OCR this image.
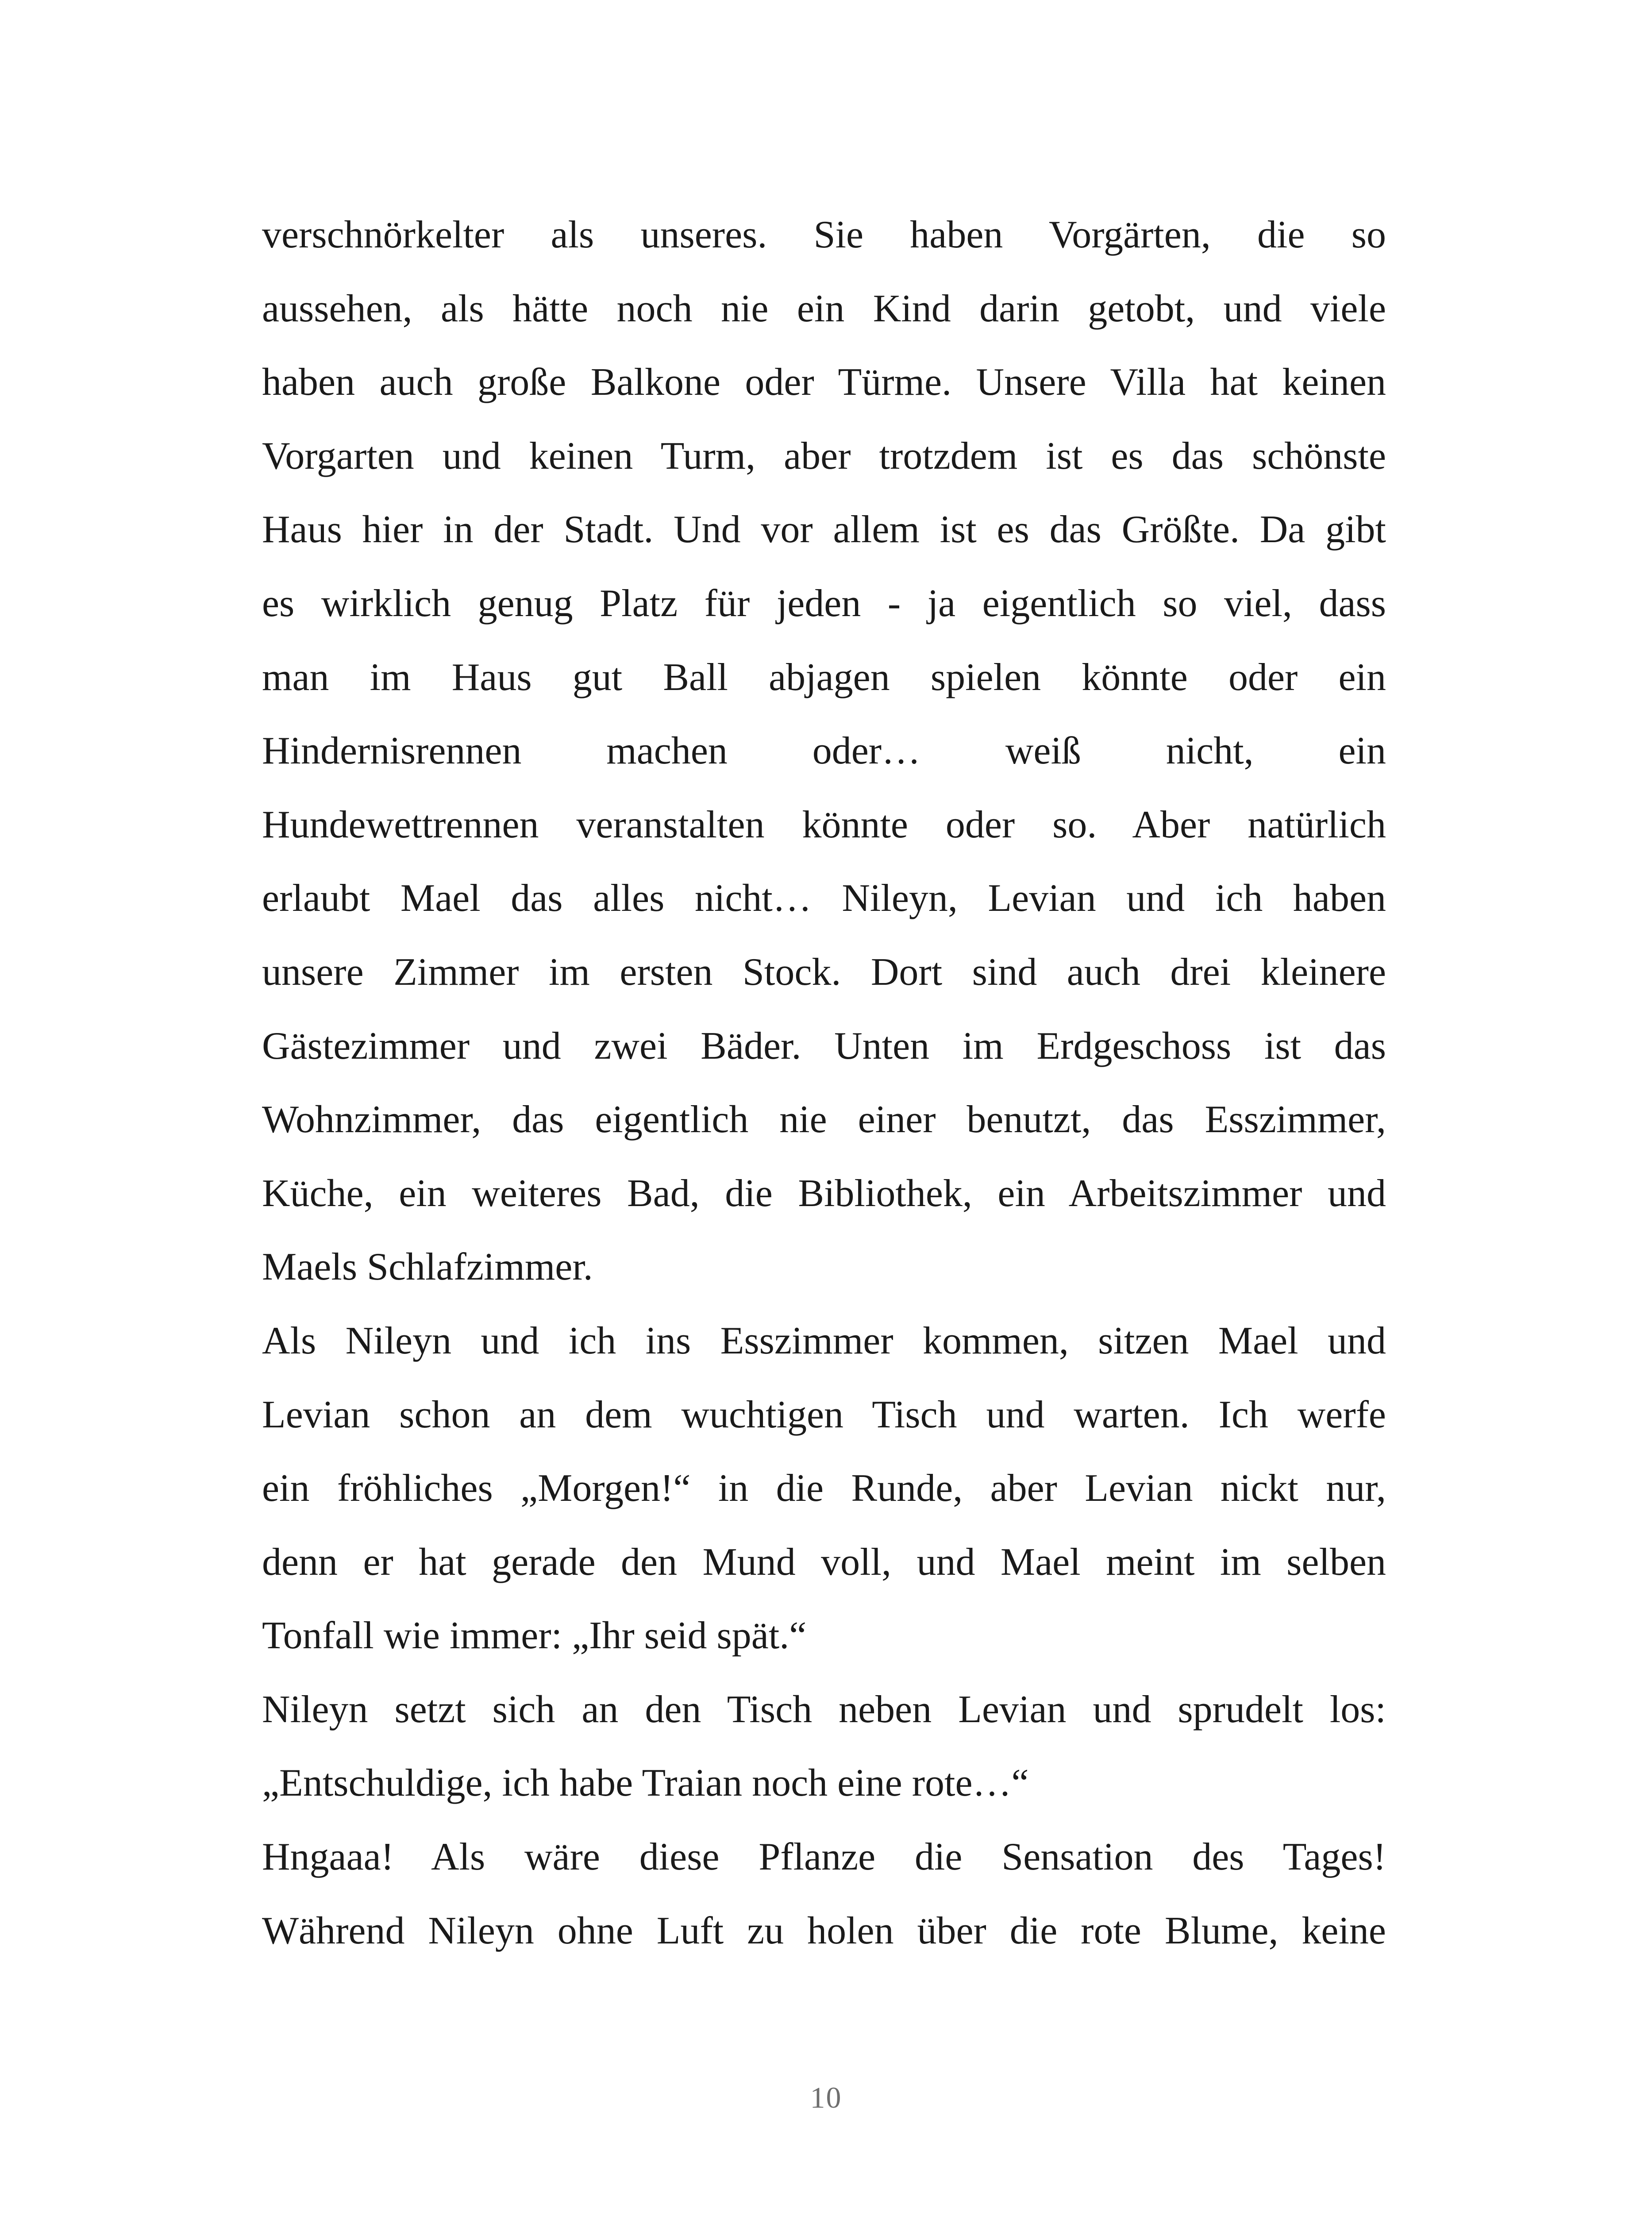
verschnörkelter als unseres. Sie haben Vorgärten, die so
aussehen, als hätte noch nie ein Kind darin getobt, und viele
haben auch große Balkone oder Türme. Unsere Villa hat keinen
Vorgarten und keinen Turm, aber trotzdem ist es das schönste
Haus hier in der Stadt. Und vor allem ist es das Größte. Da gibt
es wirklich genug Platz für jeden - ja eigentlich so viel, dass
man im Haus gut Ball abjagen spielen könnte oder ein
Hindernisrennen machen oder… weiß nicht, ein
Hundewettrennen veranstalten könnte oder so. Aber natürlich
erlaubt Mael das alles nicht… Nileyn, Levian und ich haben
unsere Zimmer im ersten Stock. Dort sind auch drei kleinere
Gästezimmer und zwei Bäder. Unten im Erdgeschoss ist das
Wohnzimmer, das eigentlich nie einer benutzt, das Esszimmer,
Küche, ein weiteres Bad, die Bibliothek, ein Arbeitszimmer und
Maels Schlafzimmer.
Als Nileyn und ich ins Esszimmer kommen, sitzen Mael und
Levian schon an dem wuchtigen Tisch und warten. Ich werfe
ein fröhliches „Morgen!“ in die Runde, aber Levian nickt nur,
denn er hat gerade den Mund voll, und Mael meint im selben
Tonfall wie immer: „Ihr seid spät.“
Nileyn setzt sich an den Tisch neben Levian und sprudelt los:
„Entschuldige, ich habe Traian noch eine rote…“
Hngaaa! Als wäre diese Pflanze die Sensation des Tages!
Während Nileyn ohne Luft zu holen über die rote Blume, keine
10
